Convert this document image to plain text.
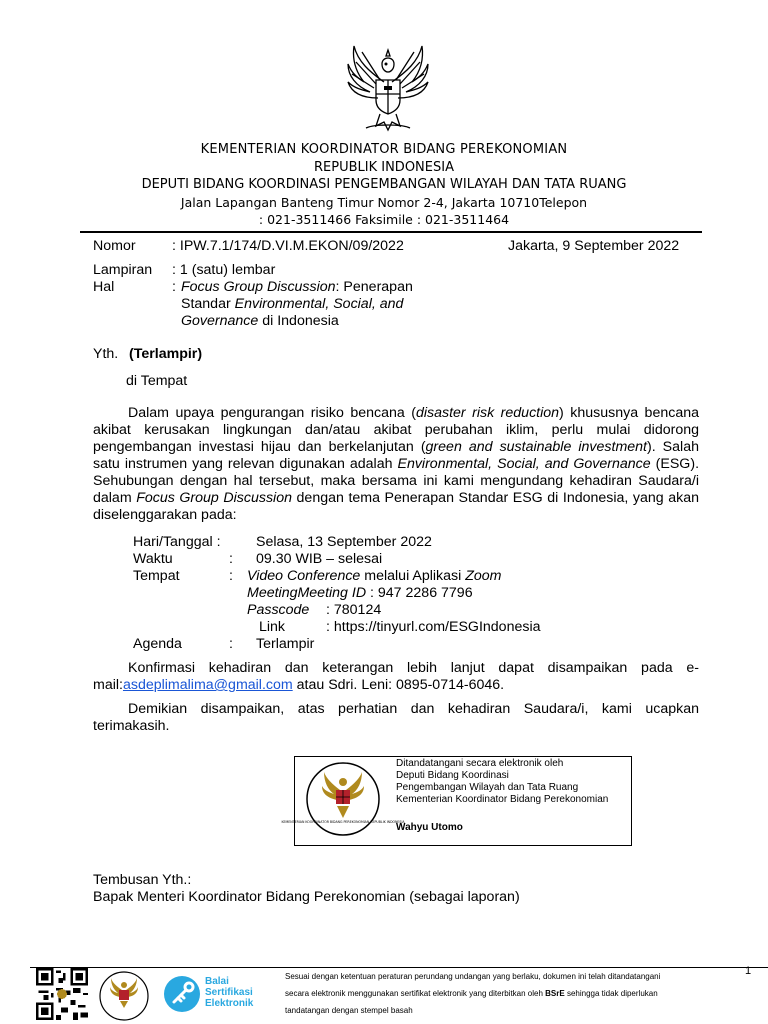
KEMENTERIAN KOORDINATOR BIDANG PEREKONOMIAN
REPUBLIK INDONESIA
DEPUTI BIDANG KOORDINASI PENGEMBANGAN WILAYAH DAN TATA RUANG
Jalan Lapangan Banteng Timur Nomor 2-4, Jakarta 10710Telepon
: 021-3511466 Faksimile : 021-3511464
Nomor	: IPW.7.1/174/D.VI.M.EKON/09/2022	Jakarta, 9 September 2022
Lampiran : 1 (satu) lembar
Hal	: Focus Group Discussion: Penerapan
Standar Environmental, Social, and
Governance di Indonesia
Yth. (Terlampir)
di Tempat
Dalam upaya pengurangan risiko bencana (disaster risk reduction) khususnya bencana akibat kerusakan lingkungan dan/atau akibat perubahan iklim, perlu mulai didorong pengembangan investasi hijau dan berkelanjutan (green and sustainable investment). Salah satu instrumen yang relevan digunakan adalah Environmental, Social, and Governance (ESG). Sehubungan dengan hal tersebut, maka bersama ini kami mengundang kehadiran Saudara/i dalam Focus Group Discussion dengan tema Penerapan Standar ESG di Indonesia, yang akan diselenggarakan pada:
Hari/Tanggal : Selasa, 13 September 2022
Waktu	: 09.30 WIB – selesai
Tempat	: Video Conference melalui Aplikasi Zoom
MeetingMeeting ID : 947 2286 7796
Passcode : 780124
Link	: https://tinyurl.com/ESGIndonesia
Agenda	: Terlampir
Konfirmasi kehadiran dan keterangan lebih lanjut dapat disampaikan pada e-
mail:asdeplimalima@gmail.com atau Sdri. Leni: 0895-0714-6046.
Demikian disampaikan, atas perhatian dan kehadiran Saudara/i, kami ucapkan
terimakasih.
KEMENTERIAN KOORDINATOR BIDANG PEREKONOMIAN REPUBLIK INDONESIA
Ditandatangani secara elektronik oleh
Deputi Bidang Koordinasi
Pengembangan Wilayah dan Tata Ruang
Kementerian Koordinator Bidang Perekonomian
Wahyu Utomo
Tembusan Yth.:
Bapak Menteri Koordinator Bidang Perekonomian (sebagai laporan)
1
Balai
Sertifikasi
Elektronik
Sesuai dengan ketentuan peraturan perundang undangan yang berlaku, dokumen ini telah ditandatangani
secara elektronik menggunakan sertifikat elektronik yang diterbitkan oleh BSrE sehingga tidak diperlukan
tandatangan dengan stempel basah
